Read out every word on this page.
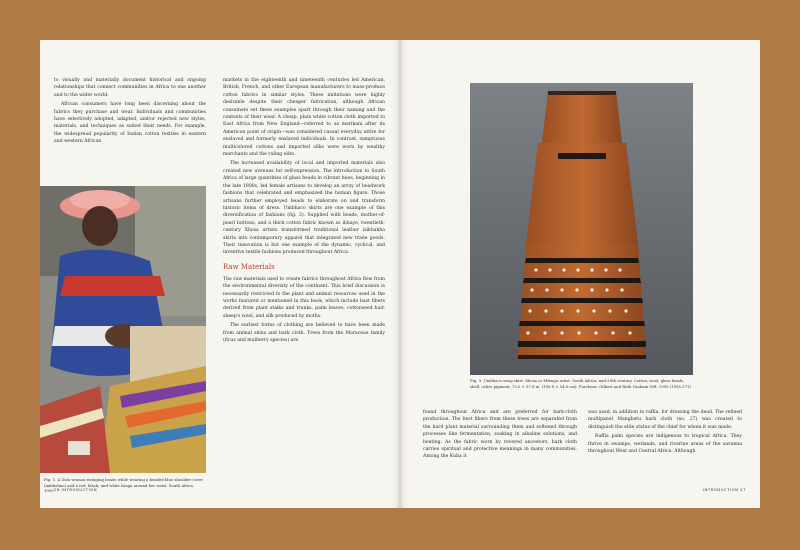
to visually and materially document historical and ongoing relationships that connect communities in Africa to one another and to the wider world.

African consumers have long been discerning about the fabrics they purchase and wear. Individuals and communities have selectively adopted, adapted, and/or rejected new styles, materials, and techniques as suited their needs. For example, the widespread popularity of Indian cotton textiles in eastern and western African

Fig. 1. A Zulu woman stringing beads while wearing a beaded blue shoulder cover (imbhelino) and a red, black, and white isinga around her waist. South Africa, 1995

markets in the eighteenth and nineteenth centuries led American, British, French, and other European manufacturers to mass-produce cotton fabrics in similar styles. These imitations were highly desirable despite their cheaper fabrication, although African consumers set these examples apart through their naming and the contexts of their wear. A cheap, plain white cotton cloth imported to East Africa from New England—referred to as merikani after its American point of origin—was considered casual everyday attire for enslaved and formerly enslaved individuals. In contrast, sumptuous multicolored cottons and imported silks were worn by wealthy merchants and the ruling elite.

The increased availability of local and imported materials also created new avenues for self-expression. The introduction to South Africa of large quantities of glass beads in vibrant hues, beginning in the late 1800s, led female artisans to develop an array of beadwork fashions that celebrated and emphasized the human figure. Those artisans further employed beads to elaborate on and transform historic items of dress. Umbhaco skirts are one example of this diversification of fashions (fig. 3). Supplied with beads, mother-of-pearl buttons, and a thick cotton fabric known as ibhaye, twentieth-century Xhosa artists transformed traditional leather isikhakha skirts into contemporary apparel that integrated new trade goods. Their innovation is but one example of the dynamic, cyclical, and inventive textile fashions produced throughout Africa.

Raw Materials

The raw materials used to create fabrics throughout Africa flow from the environmental diversity of the continent. This brief discussion is necessarily restricted to the plant and animal resources used in the works featured or mentioned in this book, which include bast fibers derived from plant stalks and trunks, palm leaves, cottonseed hair, sheep's wool, and silk produced by moths.

The earliest forms of clothing are believed to have been made from animal skins and bark cloth. Trees from the Moraceae family (ficus and mulberry species) are

26 INTRODUCTION
Fig. 3. Umbhaco wrap skirt. Xhosa or Mfengu artist. South Africa, mid-20th century. Cotton, wool, glass beads, shell, ochre pigment, 75.0 × 57.8 in. (190.8 × 54.6 cm). Purchase, Gilbert and Ruth Graham Gift, 1995 (1995.371)

found throughout Africa and are preferred for bark-cloth production. The best fibers from these trees are separated from the hard plant material surrounding them and softened through processes like fermentation, soaking in alkaline solutions, and beating. As the fabric worn by revered ancestors, bark cloth carries spiritual and protective meanings in many communities. Among the Kuba it

was used, in addition to raffia, for dressing the dead. The refined multipanel Mangbetu bark cloth (no. 27) was created to distinguish the elite status of the chief for whom it was made.

Raffia palm species are indigenous to tropical Africa. They thrive in swamps, wetlands, and riverine areas of the savanna throughout West and Central Africa. Although

INTRODUCTION 27
